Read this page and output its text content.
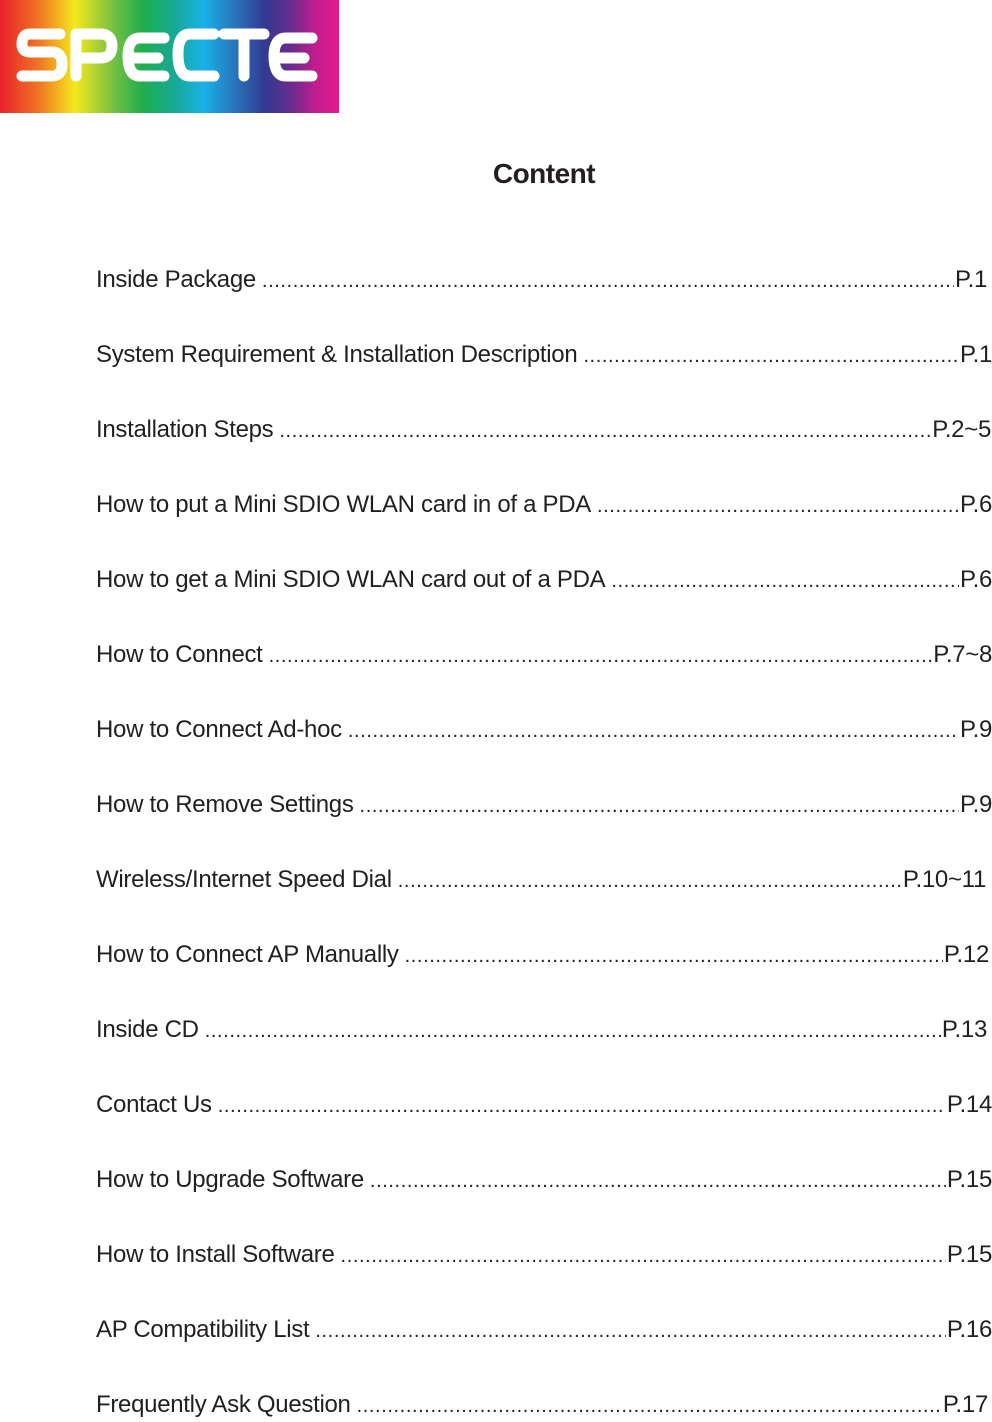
Content
Inside Package .....	P.1
System Requirement & Installation Description .....	P.1
Installation Steps .....	P.2~5
How to put a Mini SDIO WLAN card in of a PDA .....	P.6
How to get a Mini SDIO WLAN card out of a PDA .....	P.6
How to Connect .....	P.7~8
How to Connect Ad-hoc .....	P.9
How to Remove Settings .....	P.9
Wireless/Internet Speed Dial .....	P.10~11
How to Connect AP Manually .....	P.12
Inside CD .....	P.13
Contact Us .....	P.14
How to Upgrade Software .....	P.15
How to Install Software .....	P.15
AP Compatibility List .....	P.16
Frequently Ask Question .....	P.17
